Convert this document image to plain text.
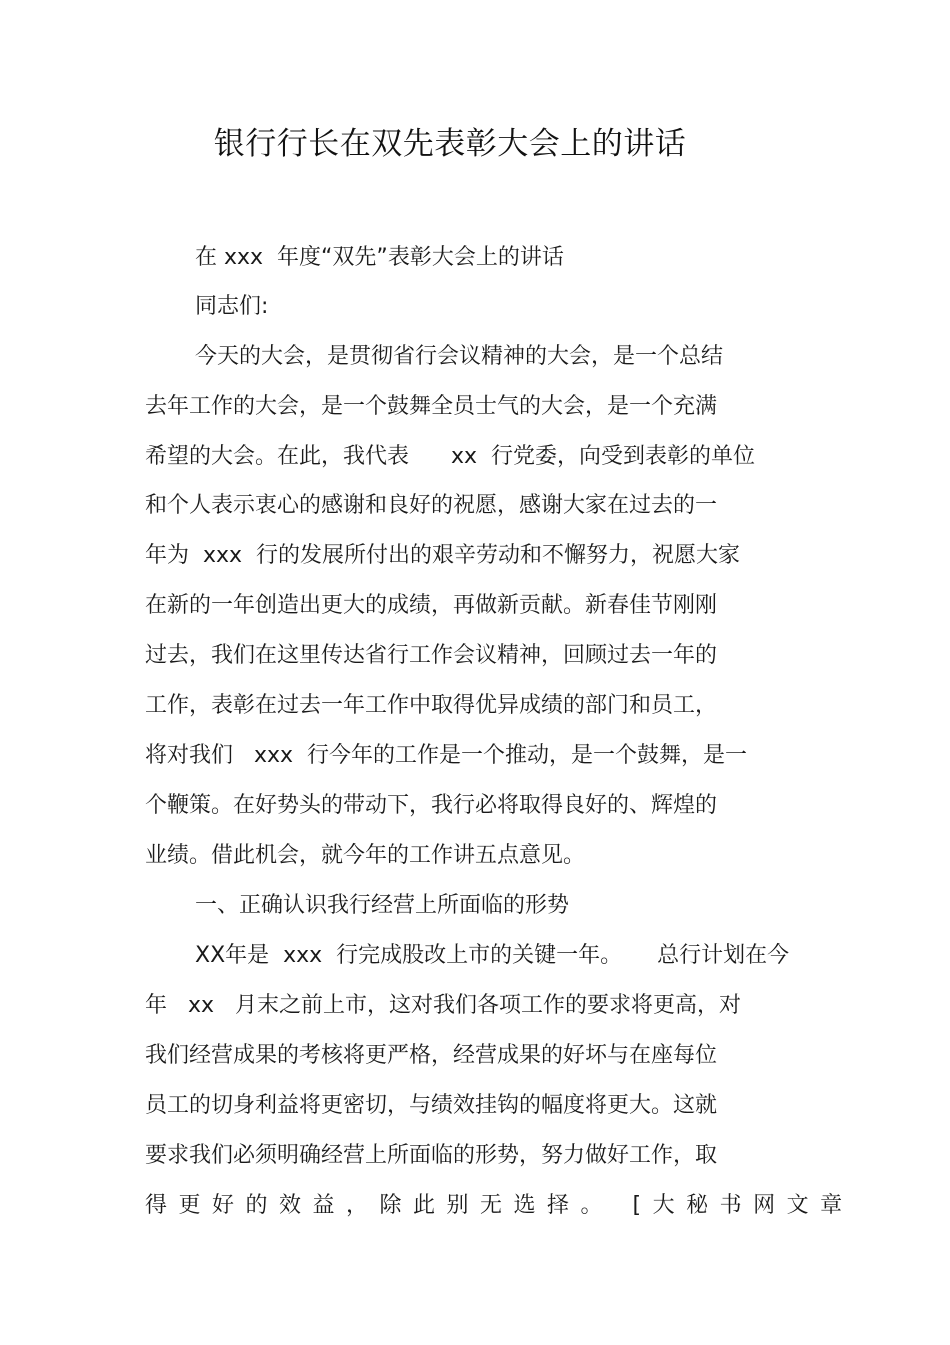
银行行长在双先表彰大会上的讲话
在 xxx  年度“双先”表彰大会上的讲话
同志们:
今天的大会，是贯彻省行会议精神的大会，是一个总结
去年工作的大会，是一个鼓舞全员士气的大会，是一个充满
希望的大会。在此，我代表      xx  行党委，向受到表彰的单位
和个人表示衷心的感谢和良好的祝愿，感谢大家在过去的一
年为  xxx  行的发展所付出的艰辛劳动和不懈努力，祝愿大家
在新的一年创造出更大的成绩，再做新贡献。新春佳节刚刚
过去，我们在这里传达省行工作会议精神，回顾过去一年的
工作，表彰在过去一年工作中取得优异成绩的部门和员工，
将对我们   xxx  行今年的工作是一个推动，是一个鼓舞，是一
个鞭策。在好势头的带动下，我行必将取得良好的、辉煌的
业绩。借此机会，就今年的工作讲五点意见。
一、正确认识我行经营上所面临的形势
XX年是  xxx  行完成股改上市的关键一年。     总行计划在今
年   xx   月末之前上市，这对我们各项工作的要求将更高，对
我们经营成果的考核将更严格，经营成果的好坏与在座每位
员工的切身利益将更密切，与绩效挂钩的幅度将更大。这就
要求我们必须明确经营上所面临的形势，努力做好工作，取
得更好的效益，除此别无选择。 [大秘书网文章
